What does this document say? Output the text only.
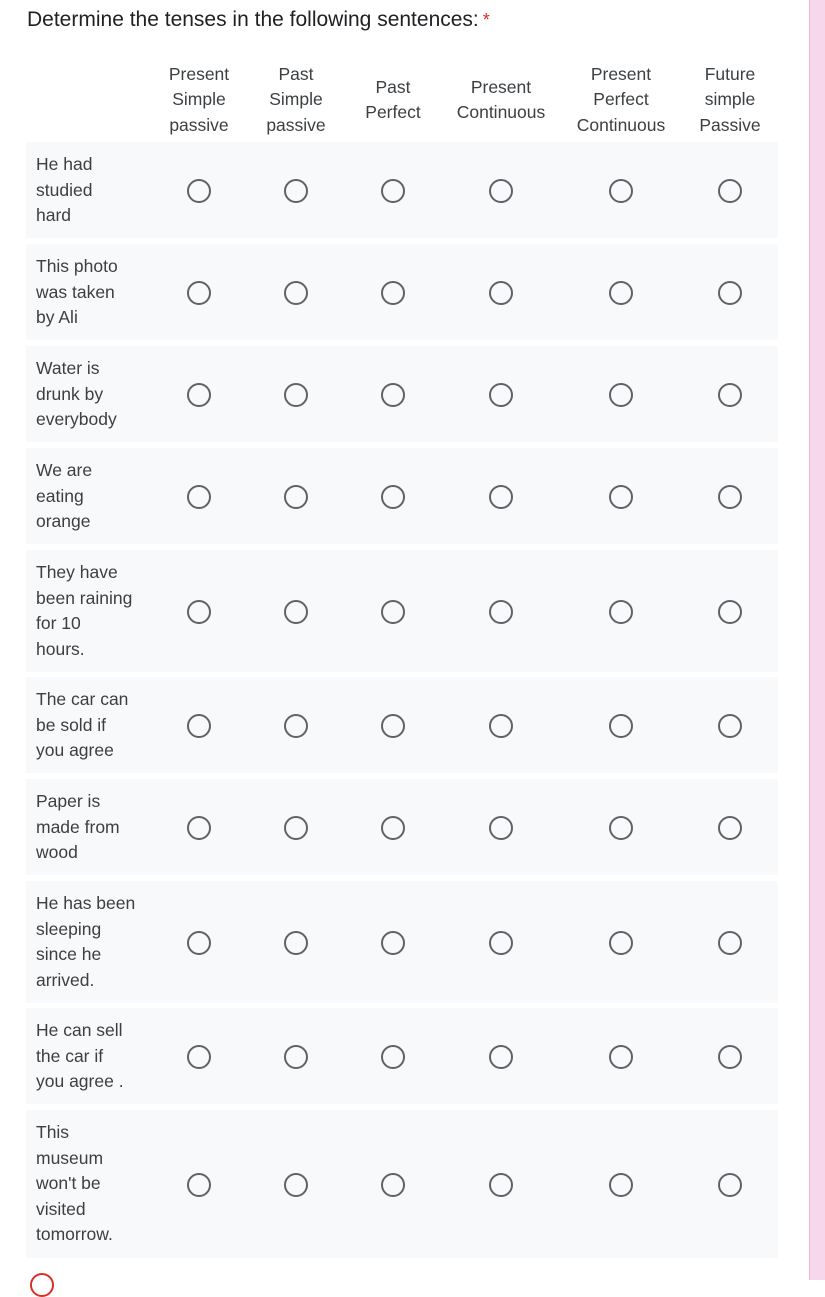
Determine the tenses in the following sentences: *
Present
Simple
passive
Past
Simple
passive
Past
Perfect
Present
Continuous
Present
Perfect
Continuous
Future
simple
Passive
He had
studied
hard
This photo
was taken
by Ali
Water is
drunk by
everybody
We are
eating
orange
They have
been raining
for 10
hours.
The car can
be sold if
you agree
Paper is
made from
wood
He has been
sleeping
since he
arrived.
He can sell
the car if
you agree .
This
museum
won't be
visited
tomorrow.
